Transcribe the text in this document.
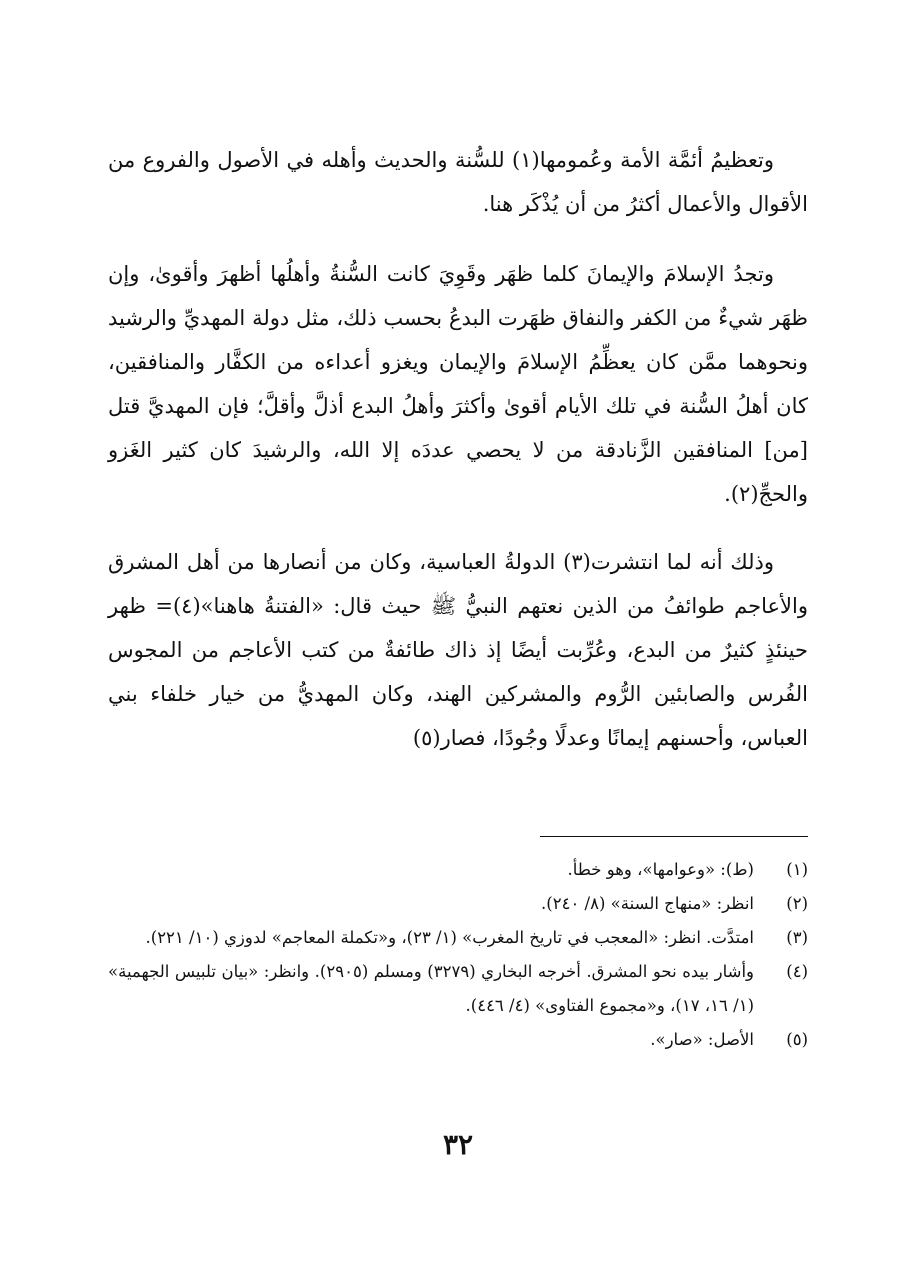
وتعظيمُ أئمَّة الأمة وعُمومها(١) للسُّنة والحديث وأهله في الأصول والفروع من الأقوال والأعمال أكثرُ من أن يُذْكَر هنا.

وتجدُ الإسلامَ والإيمانَ كلما ظهَر وقَوِيَ كانت السُّنةُ وأهلُها أظهرَ وأقوىٰ، وإن ظهَر شيءٌ من الكفر والنفاق ظهَرت البدعُ بحسب ذلك، مثل دولة المهديِّ والرشيد ونحوهما ممَّن كان يعظِّمُ الإسلامَ والإيمان ويغزو أعداءه من الكفَّار والمنافقين، كان أهلُ السُّنة في تلك الأيام أقوىٰ وأكثرَ وأهلُ البدع أذلَّ وأقلَّ؛ فإن المهديَّ قتل [من] المنافقين الزَّنادقة من لا يحصي عددَه إلا الله، والرشيدَ كان كثير الغَزو والحجِّ(٢).

وذلك أنه لما انتشرت(٣) الدولةُ العباسية، وكان من أنصارها من أهل المشرق والأعاجم طوائفُ من الذين نعتهم النبيُّ ﷺ حيث قال: «الفتنةُ هاهنا»(٤)= ظهر حينئذٍ كثيرٌ من البدع، وعُرِّبت أيضًا إذ ذاك طائفةٌ من كتب الأعاجم من المجوس الفُرس والصابئين الرُّوم والمشركين الهند، وكان المهديُّ من خيار خلفاء بني العباس، وأحسنهم إيمانًا وعدلًا وجُودًا، فصار(٥)

(١)
(ط): «وعوامها»، وهو خطأ.
(٢)
انظر: «منهاج السنة» (٨/ ٢٤٠).
(٣)
امتدَّت. انظر: «المعجب في تاريخ المغرب» (١/ ٢٣)، و«تكملة المعاجم» لدوزي (١٠/ ٢٢١).
(٤)
وأشار بيده نحو المشرق. أخرجه البخاري (٣٢٧٩) ومسلم (٢٩٠٥). وانظر: «بيان تلبيس الجهمية» (١/ ١٦، ١٧)، و«مجموع الفتاوى» (٤/ ٤٤٦).
(٥)
الأصل: «صار».
٣٢
